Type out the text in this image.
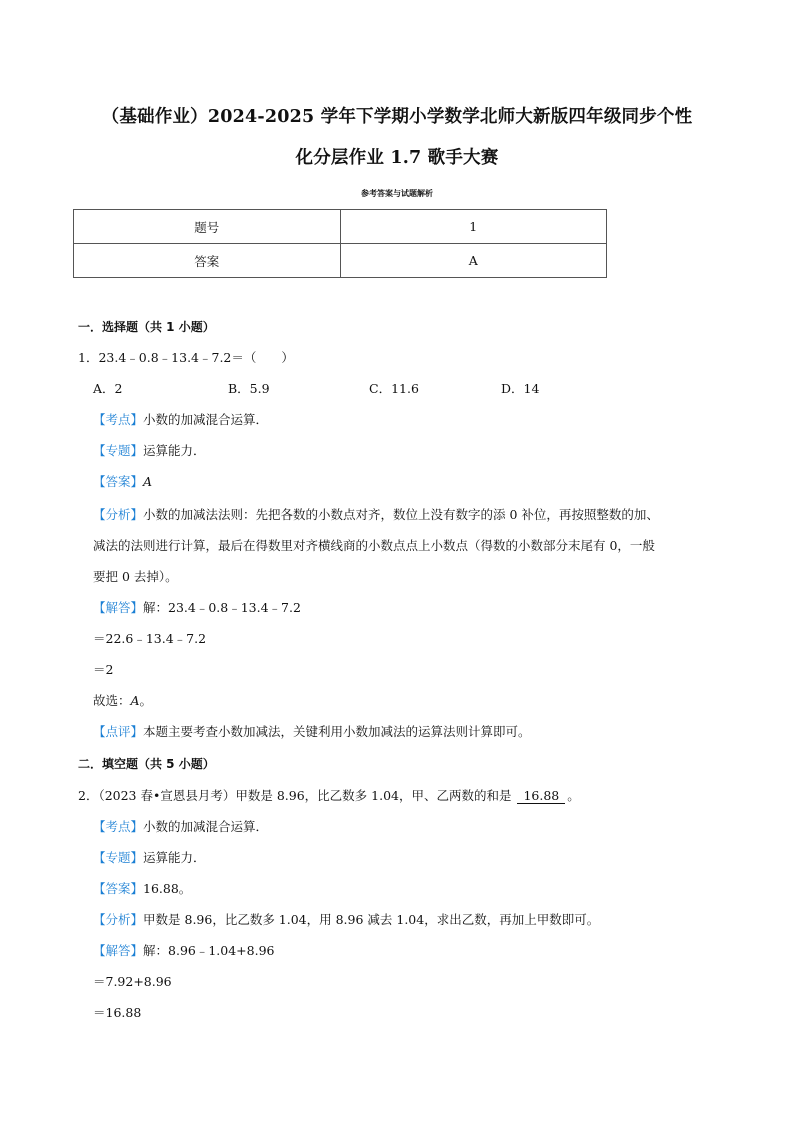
（基础作业）2024-2025 学年下学期小学数学北师大新版四年级同步个性
化分层作业 1.7 歌手大赛
参考答案与试题解析
题号	1
答案	A
一．选择题（共 1 小题）
1．23.4﹣0.8﹣13.4﹣7.2＝（　　）
A．2	B．5.9	C．11.6	D．14
【考点】小数的加减混合运算．
【专题】运算能力．
【答案】A
【分析】小数的加减法法则：先把各数的小数点对齐，数位上没有数字的添 0 补位，再按照整数的加、
减法的法则进行计算，最后在得数里对齐横线商的小数点点上小数点（得数的小数部分末尾有 0，一般
要把 0 去掉）。
【解答】解：23.4﹣0.8﹣13.4﹣7.2
＝22.6﹣13.4﹣7.2
＝2
故选：A。
【点评】本题主要考查小数加减法，关键利用小数加减法的运算法则计算即可。
二．填空题（共 5 小题）
2．（2023 春•宣恩县月考）甲数是 8.96，比乙数多 1.04，甲、乙两数的和是 16.88 。
【考点】小数的加减混合运算．
【专题】运算能力．
【答案】16.88。
【分析】甲数是 8.96，比乙数多 1.04，用 8.96 减去 1.04，求出乙数，再加上甲数即可。
【解答】解：8.96﹣1.04+8.96
＝7.92+8.96
＝16.88
